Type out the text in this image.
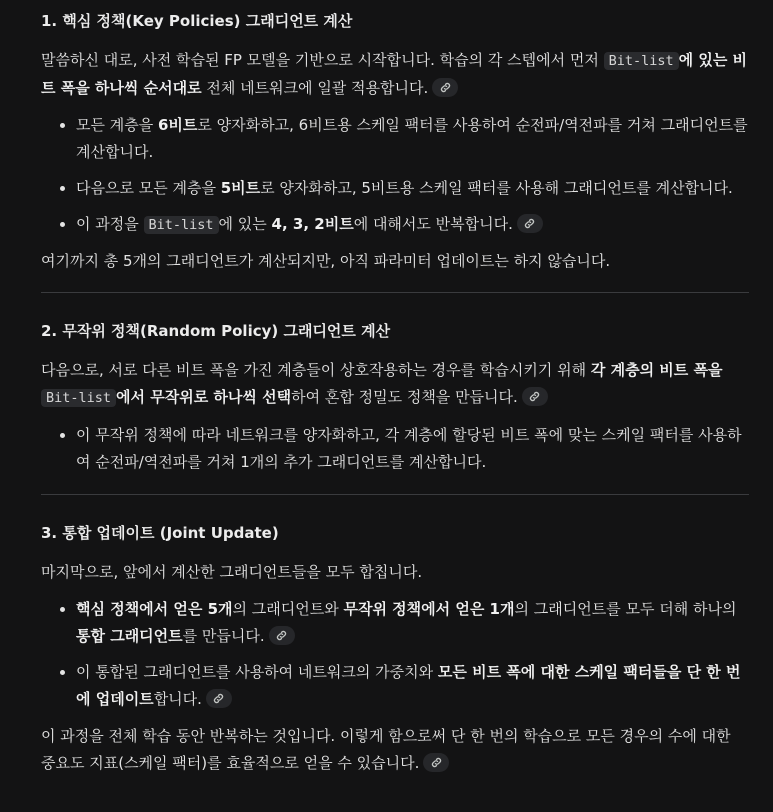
1. 핵심 정책(Key Policies) 그래디언트 계산

말씀하신 대로, 사전 학습된 FP 모델을 기반으로 시작합니다. 학습의 각 스텝에서 먼저 Bit-list 에 있는 비트 폭을 하나씩 순서대로 전체 네트워크에 일괄 적용합니다.

• 모든 계층을 6비트로 양자화하고, 6비트용 스케일 팩터를 사용하여 순전파/역전파를 거쳐 그래디언트를 계산합니다.
• 다음으로 모든 계층을 5비트로 양자화하고, 5비트용 스케일 팩터를 사용해 그래디언트를 계산합니다.
• 이 과정을 Bit-list 에 있는 4, 3, 2비트에 대해서도 반복합니다.

여기까지 총 5개의 그래디언트가 계산되지만, 아직 파라미터 업데이트는 하지 않습니다.

2. 무작위 정책(Random Policy) 그래디언트 계산

다음으로, 서로 다른 비트 폭을 가진 계층들이 상호작용하는 경우를 학습시키기 위해 각 계층의 비트 폭을
Bit-list 에서 무작위로 하나씩 선택하여 혼합 정밀도 정책을 만듭니다.

• 이 무작위 정책에 따라 네트워크를 양자화하고, 각 계층에 할당된 비트 폭에 맞는 스케일 팩터를 사용하여 순전파/역전파를 거쳐 1개의 추가 그래디언트를 계산합니다.
3. 통합 업데이트 (Joint Update)

마지막으로, 앞에서 계산한 그래디언트들을 모두 합칩니다.

• 핵심 정책에서 얻은 5개의 그래디언트와 무작위 정책에서 얻은 1개의 그래디언트를 모두 더해 하나의 통합 그래디언트를 만듭니다.
• 이 통합된 그래디언트를 사용하여 네트워크의 가중치와 모든 비트 폭에 대한 스케일 팩터들을 단 한 번에 업데이트합니다.

이 과정을 전체 학습 동안 반복하는 것입니다. 이렇게 함으로써 단 한 번의 학습으로 모든 경우의 수에 대한 중요도 지표(스케일 팩터)를 효율적으로 얻을 수 있습니다.
